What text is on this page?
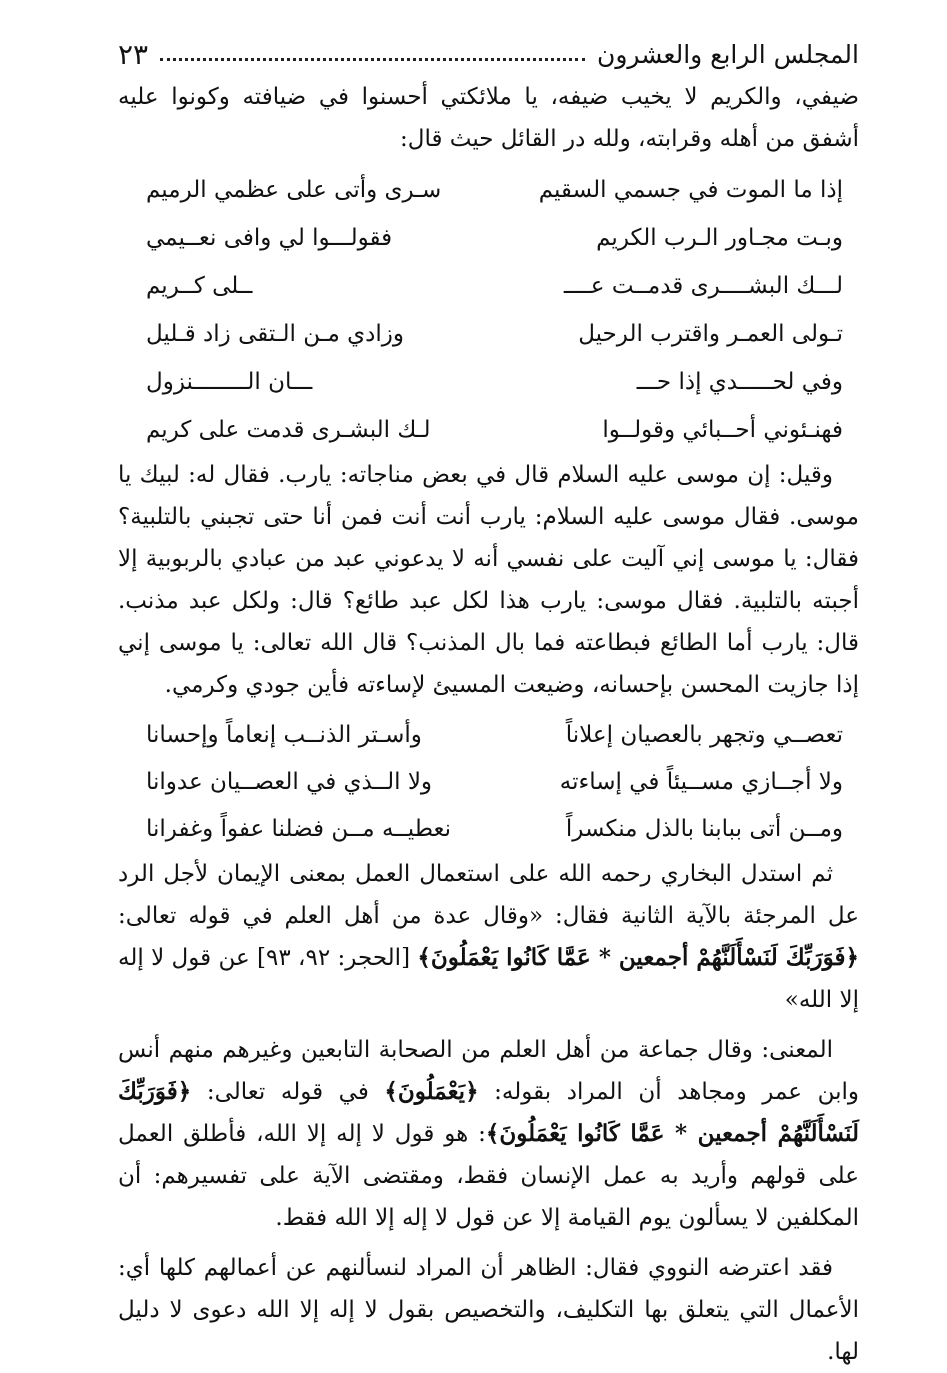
المجلس الرابع والعشرون
٢٣

ضيفي، والكريم لا يخيب ضيفه، يا ملائكتي أحسنوا في ضيافته وكونوا عليه أشفق من أهله وقرابته، ولله در القائل حيث قال:

إذا ما الموت في جسمي السقيم
سـرى وأتى على عظمي الرميم
وبـت مجـاور الـرب الكريم
فقولـــوا لي وافى نعــيمي
لـــك البشــــرى قدمــت عــــ
ــلى كــريم
تـولى العمـر واقترب الرحيل
وزادي مـن الـتقى زاد قـليل
وفي لحـــــدي إذا حـــ
ـــان الــــــــنزول
فهنـئوني أحــبائي وقولــوا
لـك البشـرى قدمت على كريم

وقيل: إن موسى عليه السلام قال في بعض مناجاته: يارب. فقال له: لبيك يا موسى. فقال موسى عليه السلام: يارب أنت أنت فمن أنا حتى تجبني بالتلبية؟ فقال: يا موسى إني آليت على نفسي أنه لا يدعوني عبد من عبادي بالربوبية إلا أجبته بالتلبية. فقال موسى: يارب هذا لكل عبد طائع؟ قال: ولكل عبد مذنب. قال: يارب أما الطائع فبطاعته فما بال المذنب؟ قال الله تعالى: يا موسى إني إذا جازيت المحسن بإحسانه، وضيعت المسيئ لإساءته فأين جودي وكرمي.

تعصــي وتجهر بالعصيان إعلاناً
وأسـتر الذنــب إنعاماً وإحسانا
ولا أجــازي مســيئاً في إساءته
ولا الــذي في العصــيان عدوانا
ومــن أتى ببابنا بالذل منكسراً
نعطيــه مــن فضلنا عفواً وغفرانا

ثم استدل البخاري رحمه الله على استعمال العمل بمعنى الإيمان لأجل الرد عل المرجئة بالآية الثانية فقال: «وقال عدة من أهل العلم في قوله تعالى: ﴿فَوَرَبِّكَ لَنَسْأَلَنَّهُمْ أجمعين * عَمَّا كَانُوا يَعْمَلُونَ﴾ [الحجر: ٩٢، ٩٣] عن قول لا إله إلا الله»

المعنى: وقال جماعة من أهل العلم من الصحابة التابعين وغيرهم منهم أنس وابن عمر ومجاهد أن المراد بقوله: ﴿يَعْمَلُونَ﴾ في قوله تعالى: ﴿فَوَرَبِّكَ لَنَسْأَلَنَّهُمْ أجمعين * عَمَّا كَانُوا يَعْمَلُونَ﴾: هو قول لا إله إلا الله، فأطلق العمل على قولهم وأريد به عمل الإنسان فقط، ومقتضى الآية على تفسيرهم: أن المكلفين لا يسألون يوم القيامة إلا عن قول لا إله إلا الله فقط.

فقد اعترضه النووي فقال: الظاهر أن المراد لنسألنهم عن أعمالهم كلها أي: الأعمال التي يتعلق بها التكليف، والتخصيص بقول لا إله إلا الله دعوى لا دليل لها.
